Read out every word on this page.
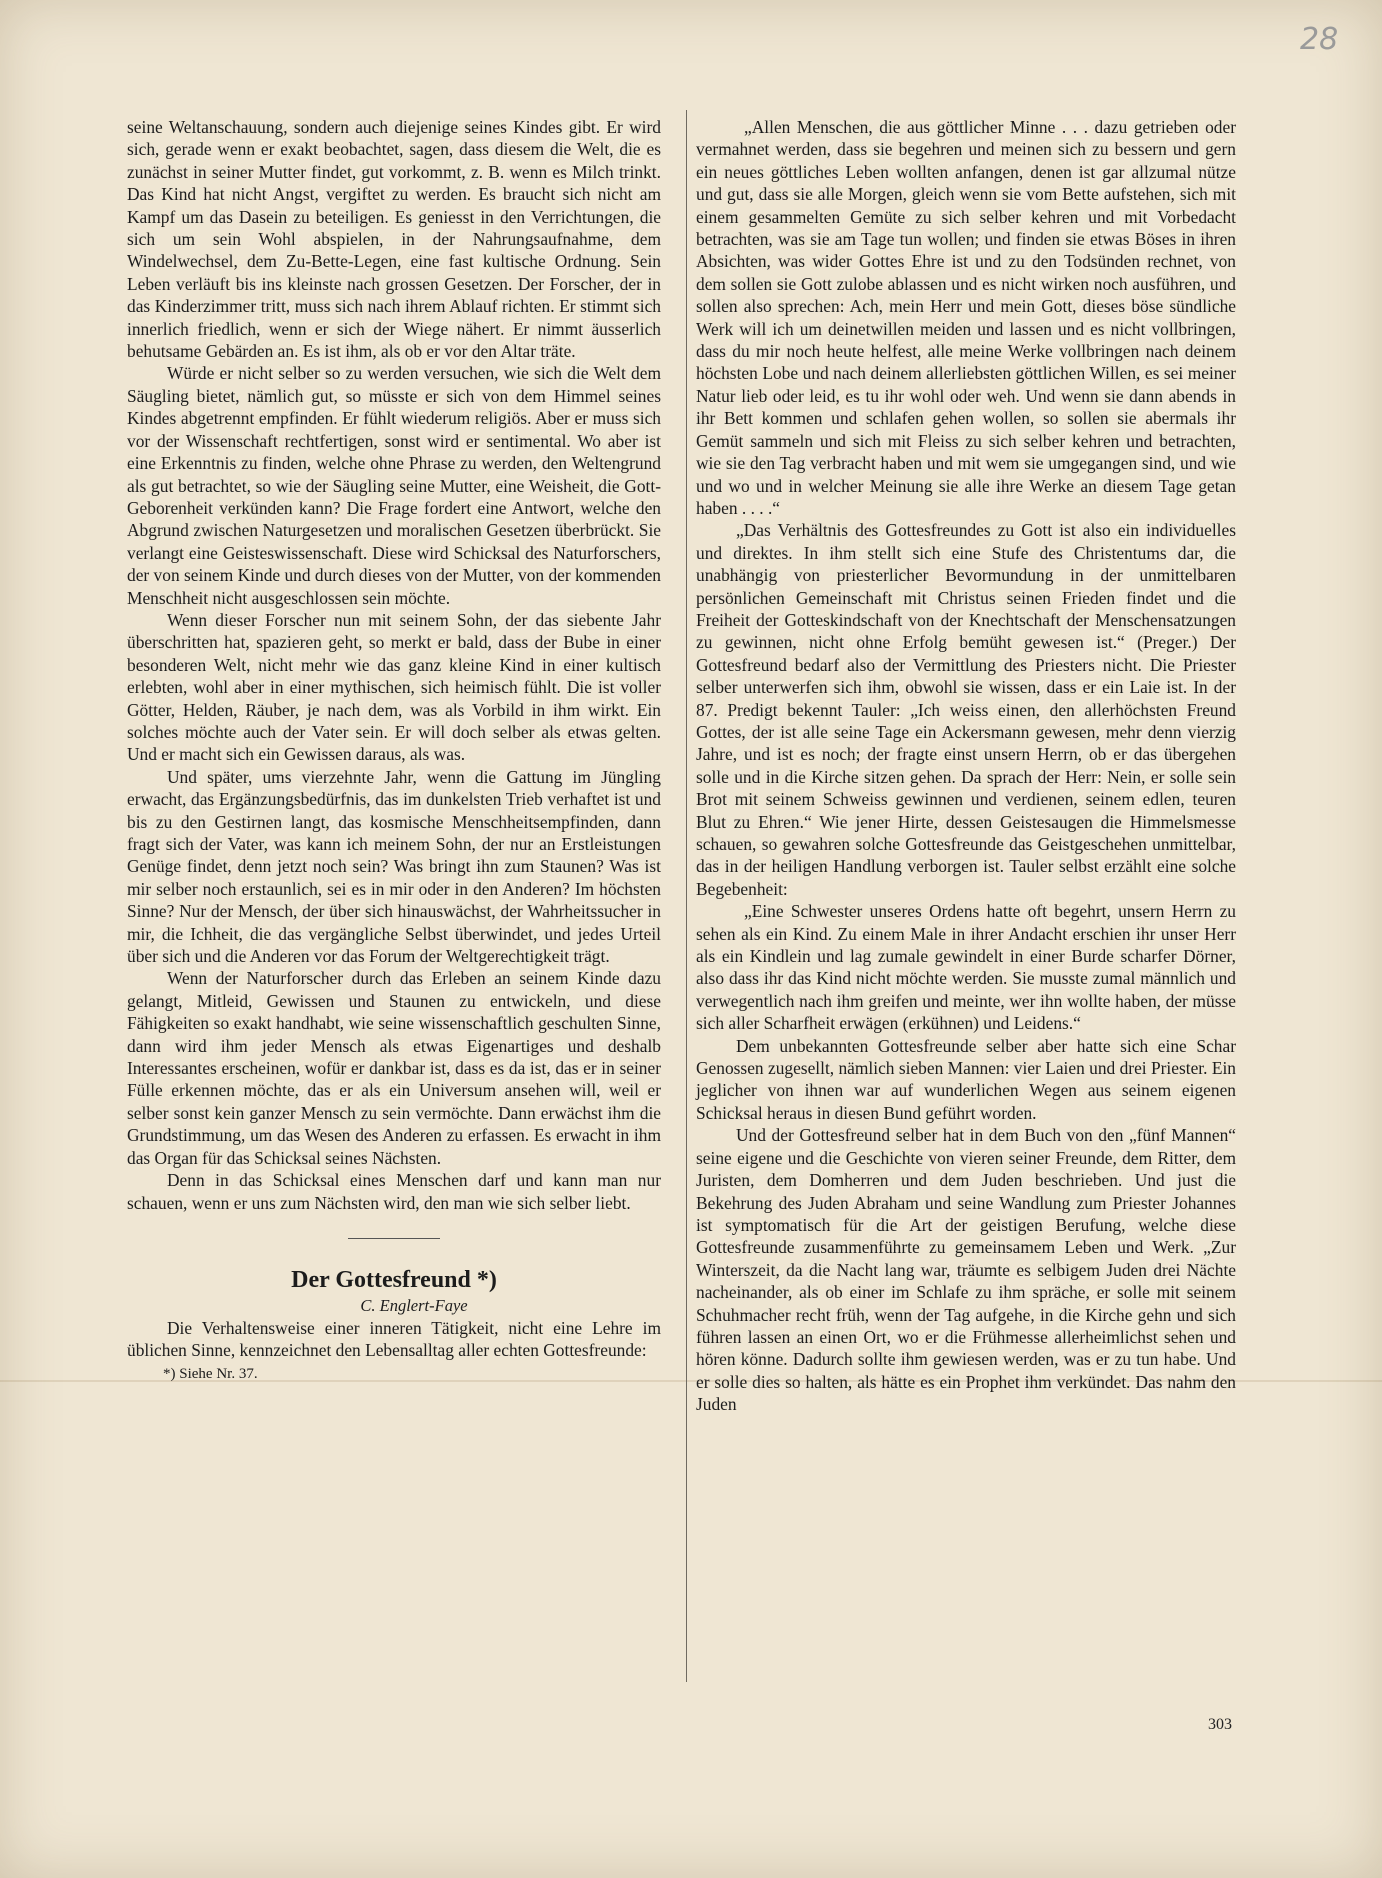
28

seine Weltanschauung, sondern auch diejenige seines Kindes gibt. Er wird sich, gerade wenn er exakt beobachtet, sagen, dass diesem die Welt, die es zunächst in seiner Mutter findet, gut vorkommt, z. B. wenn es Milch trinkt. Das Kind hat nicht Angst, vergiftet zu werden. Es braucht sich nicht am Kampf um das Dasein zu beteiligen. Es geniesst in den Verrichtungen, die sich um sein Wohl abspielen, in der Nahrungsaufnahme, dem Windelwechsel, dem Zu-Bette-Legen, eine fast kultische Ordnung. Sein Leben verläuft bis ins kleinste nach grossen Gesetzen. Der Forscher, der in das Kinderzimmer tritt, muss sich nach ihrem Ablauf richten. Er stimmt sich innerlich friedlich, wenn er sich der Wiege nähert. Er nimmt äusserlich behutsame Gebärden an. Es ist ihm, als ob er vor den Altar träte.

Würde er nicht selber so zu werden versuchen, wie sich die Welt dem Säugling bietet, nämlich gut, so müsste er sich von dem Himmel seines Kindes abgetrennt empfinden. Er fühlt wiederum religiös. Aber er muss sich vor der Wissenschaft rechtfertigen, sonst wird er sentimental. Wo aber ist eine Erkenntnis zu finden, welche ohne Phrase zu werden, den Weltengrund als gut betrachtet, so wie der Säugling seine Mutter, eine Weisheit, die Gott-Geborenheit verkünden kann? Die Frage fordert eine Antwort, welche den Abgrund zwischen Naturgesetzen und moralischen Gesetzen überbrückt. Sie verlangt eine Geisteswissenschaft. Diese wird Schicksal des Naturforschers, der von seinem Kinde und durch dieses von der Mutter, von der kommenden Menschheit nicht ausgeschlossen sein möchte.

Wenn dieser Forscher nun mit seinem Sohn, der das siebente Jahr überschritten hat, spazieren geht, so merkt er bald, dass der Bube in einer besonderen Welt, nicht mehr wie das ganz kleine Kind in einer kultisch erlebten, wohl aber in einer mythischen, sich heimisch fühlt. Die ist voller Götter, Helden, Räuber, je nach dem, was als Vorbild in ihm wirkt. Ein solches möchte auch der Vater sein. Er will doch selber als etwas gelten. Und er macht sich ein Gewissen daraus, als was.

Und später, ums vierzehnte Jahr, wenn die Gattung im Jüngling erwacht, das Ergänzungsbedürfnis, das im dunkelsten Trieb verhaftet ist und bis zu den Gestirnen langt, das kosmische Menschheitsempfinden, dann fragt sich der Vater, was kann ich meinem Sohn, der nur an Erstleistungen Genüge findet, denn jetzt noch sein? Was bringt ihn zum Staunen? Was ist mir selber noch erstaunlich, sei es in mir oder in den Anderen? Im höchsten Sinne? Nur der Mensch, der über sich hinauswächst, der Wahrheitssucher in mir, die Ichheit, die das vergängliche Selbst überwindet, und jedes Urteil über sich und die Anderen vor das Forum der Weltgerechtigkeit trägt.

Wenn der Naturforscher durch das Erleben an seinem Kinde dazu gelangt, Mitleid, Gewissen und Staunen zu entwickeln, und diese Fähigkeiten so exakt handhabt, wie seine wissenschaftlich geschulten Sinne, dann wird ihm jeder Mensch als etwas Eigenartiges und deshalb Interessantes erscheinen, wofür er dankbar ist, dass es da ist, das er in seiner Fülle erkennen möchte, das er als ein Universum ansehen will, weil er selber sonst kein ganzer Mensch zu sein vermöchte. Dann erwächst ihm die Grundstimmung, um das Wesen des Anderen zu erfassen. Es erwacht in ihm das Organ für das Schicksal seines Nächsten.

Denn in das Schicksal eines Menschen darf und kann man nur schauen, wenn er uns zum Nächsten wird, den man wie sich selber liebt.

Der Gottesfreund *)

C. Englert-Faye

Die Verhaltensweise einer inneren Tätigkeit, nicht eine Lehre im üblichen Sinne, kennzeichnet den Lebensalltag aller echten Gottesfreunde:

*) Siehe Nr. 37.

„Allen Menschen, die aus göttlicher Minne . . . dazu getrieben oder vermahnet werden, dass sie begehren und meinen sich zu bessern und gern ein neues göttliches Leben wollten anfangen, denen ist gar allzumal nütze und gut, dass sie alle Morgen, gleich wenn sie vom Bette aufstehen, sich mit einem gesammelten Gemüte zu sich selber kehren und mit Vorbedacht betrachten, was sie am Tage tun wollen; und finden sie etwas Böses in ihren Absichten, was wider Gottes Ehre ist und zu den Todsünden rechnet, von dem sollen sie Gott zulobe ablassen und es nicht wirken noch ausführen, und sollen also sprechen: Ach, mein Herr und mein Gott, dieses böse sündliche Werk will ich um deinetwillen meiden und lassen und es nicht vollbringen, dass du mir noch heute helfest, alle meine Werke vollbringen nach deinem höchsten Lobe und nach deinem allerliebsten göttlichen Willen, es sei meiner Natur lieb oder leid, es tu ihr wohl oder weh. Und wenn sie dann abends in ihr Bett kommen und schlafen gehen wollen, so sollen sie abermals ihr Gemüt sammeln und sich mit Fleiss zu sich selber kehren und betrachten, wie sie den Tag verbracht haben und mit wem sie umgegangen sind, und wie und wo und in welcher Meinung sie alle ihre Werke an diesem Tage getan haben . . . .“

„Das Verhältnis des Gottesfreundes zu Gott ist also ein individuelles und direktes. In ihm stellt sich eine Stufe des Christentums dar, die unabhängig von priesterlicher Bevormundung in der unmittelbaren persönlichen Gemeinschaft mit Christus seinen Frieden findet und die Freiheit der Gotteskindschaft von der Knechtschaft der Menschensatzungen zu gewinnen, nicht ohne Erfolg bemüht gewesen ist.“ (Preger.) Der Gottesfreund bedarf also der Vermittlung des Priesters nicht. Die Priester selber unterwerfen sich ihm, obwohl sie wissen, dass er ein Laie ist. In der 87. Predigt bekennt Tauler: „Ich weiss einen, den allerhöchsten Freund Gottes, der ist alle seine Tage ein Ackersmann gewesen, mehr denn vierzig Jahre, und ist es noch; der fragte einst unsern Herrn, ob er das übergehen solle und in die Kirche sitzen gehen. Da sprach der Herr: Nein, er solle sein Brot mit seinem Schweiss gewinnen und verdienen, seinem edlen, teuren Blut zu Ehren.“ Wie jener Hirte, dessen Geistesaugen die Himmelsmesse schauen, so gewahren solche Gottesfreunde das Geistgeschehen unmittelbar, das in der heiligen Handlung verborgen ist. Tauler selbst erzählt eine solche Begebenheit:

„Eine Schwester unseres Ordens hatte oft begehrt, unsern Herrn zu sehen als ein Kind. Zu einem Male in ihrer Andacht erschien ihr unser Herr als ein Kindlein und lag zumale gewindelt in einer Burde scharfer Dörner, also dass ihr das Kind nicht möchte werden. Sie musste zumal männlich und verwegentlich nach ihm greifen und meinte, wer ihn wollte haben, der müsse sich aller Scharfheit erwägen (erkühnen) und Leidens.“

Dem unbekannten Gottesfreunde selber aber hatte sich eine Schar Genossen zugesellt, nämlich sieben Mannen: vier Laien und drei Priester. Ein jeglicher von ihnen war auf wunderlichen Wegen aus seinem eigenen Schicksal heraus in diesen Bund geführt worden.

Und der Gottesfreund selber hat in dem Buch von den „fünf Mannen“ seine eigene und die Geschichte von vieren seiner Freunde, dem Ritter, dem Juristen, dem Domherren und dem Juden beschrieben. Und just die Bekehrung des Juden Abraham und seine Wandlung zum Priester Johannes ist symptomatisch für die Art der geistigen Berufung, welche diese Gottesfreunde zusammenführte zu gemeinsamem Leben und Werk. „Zur Winterszeit, da die Nacht lang war, träumte es selbigem Juden drei Nächte nacheinander, als ob einer im Schlafe zu ihm spräche, er solle mit seinem Schuhmacher recht früh, wenn der Tag aufgehe, in die Kirche gehn und sich führen lassen an einen Ort, wo er die Frühmesse allerheimlichst sehen und hören könne. Dadurch sollte ihm gewiesen werden, was er zu tun habe. Und er solle dies so halten, als hätte es ein Prophet ihm verkündet. Das nahm den Juden

303
